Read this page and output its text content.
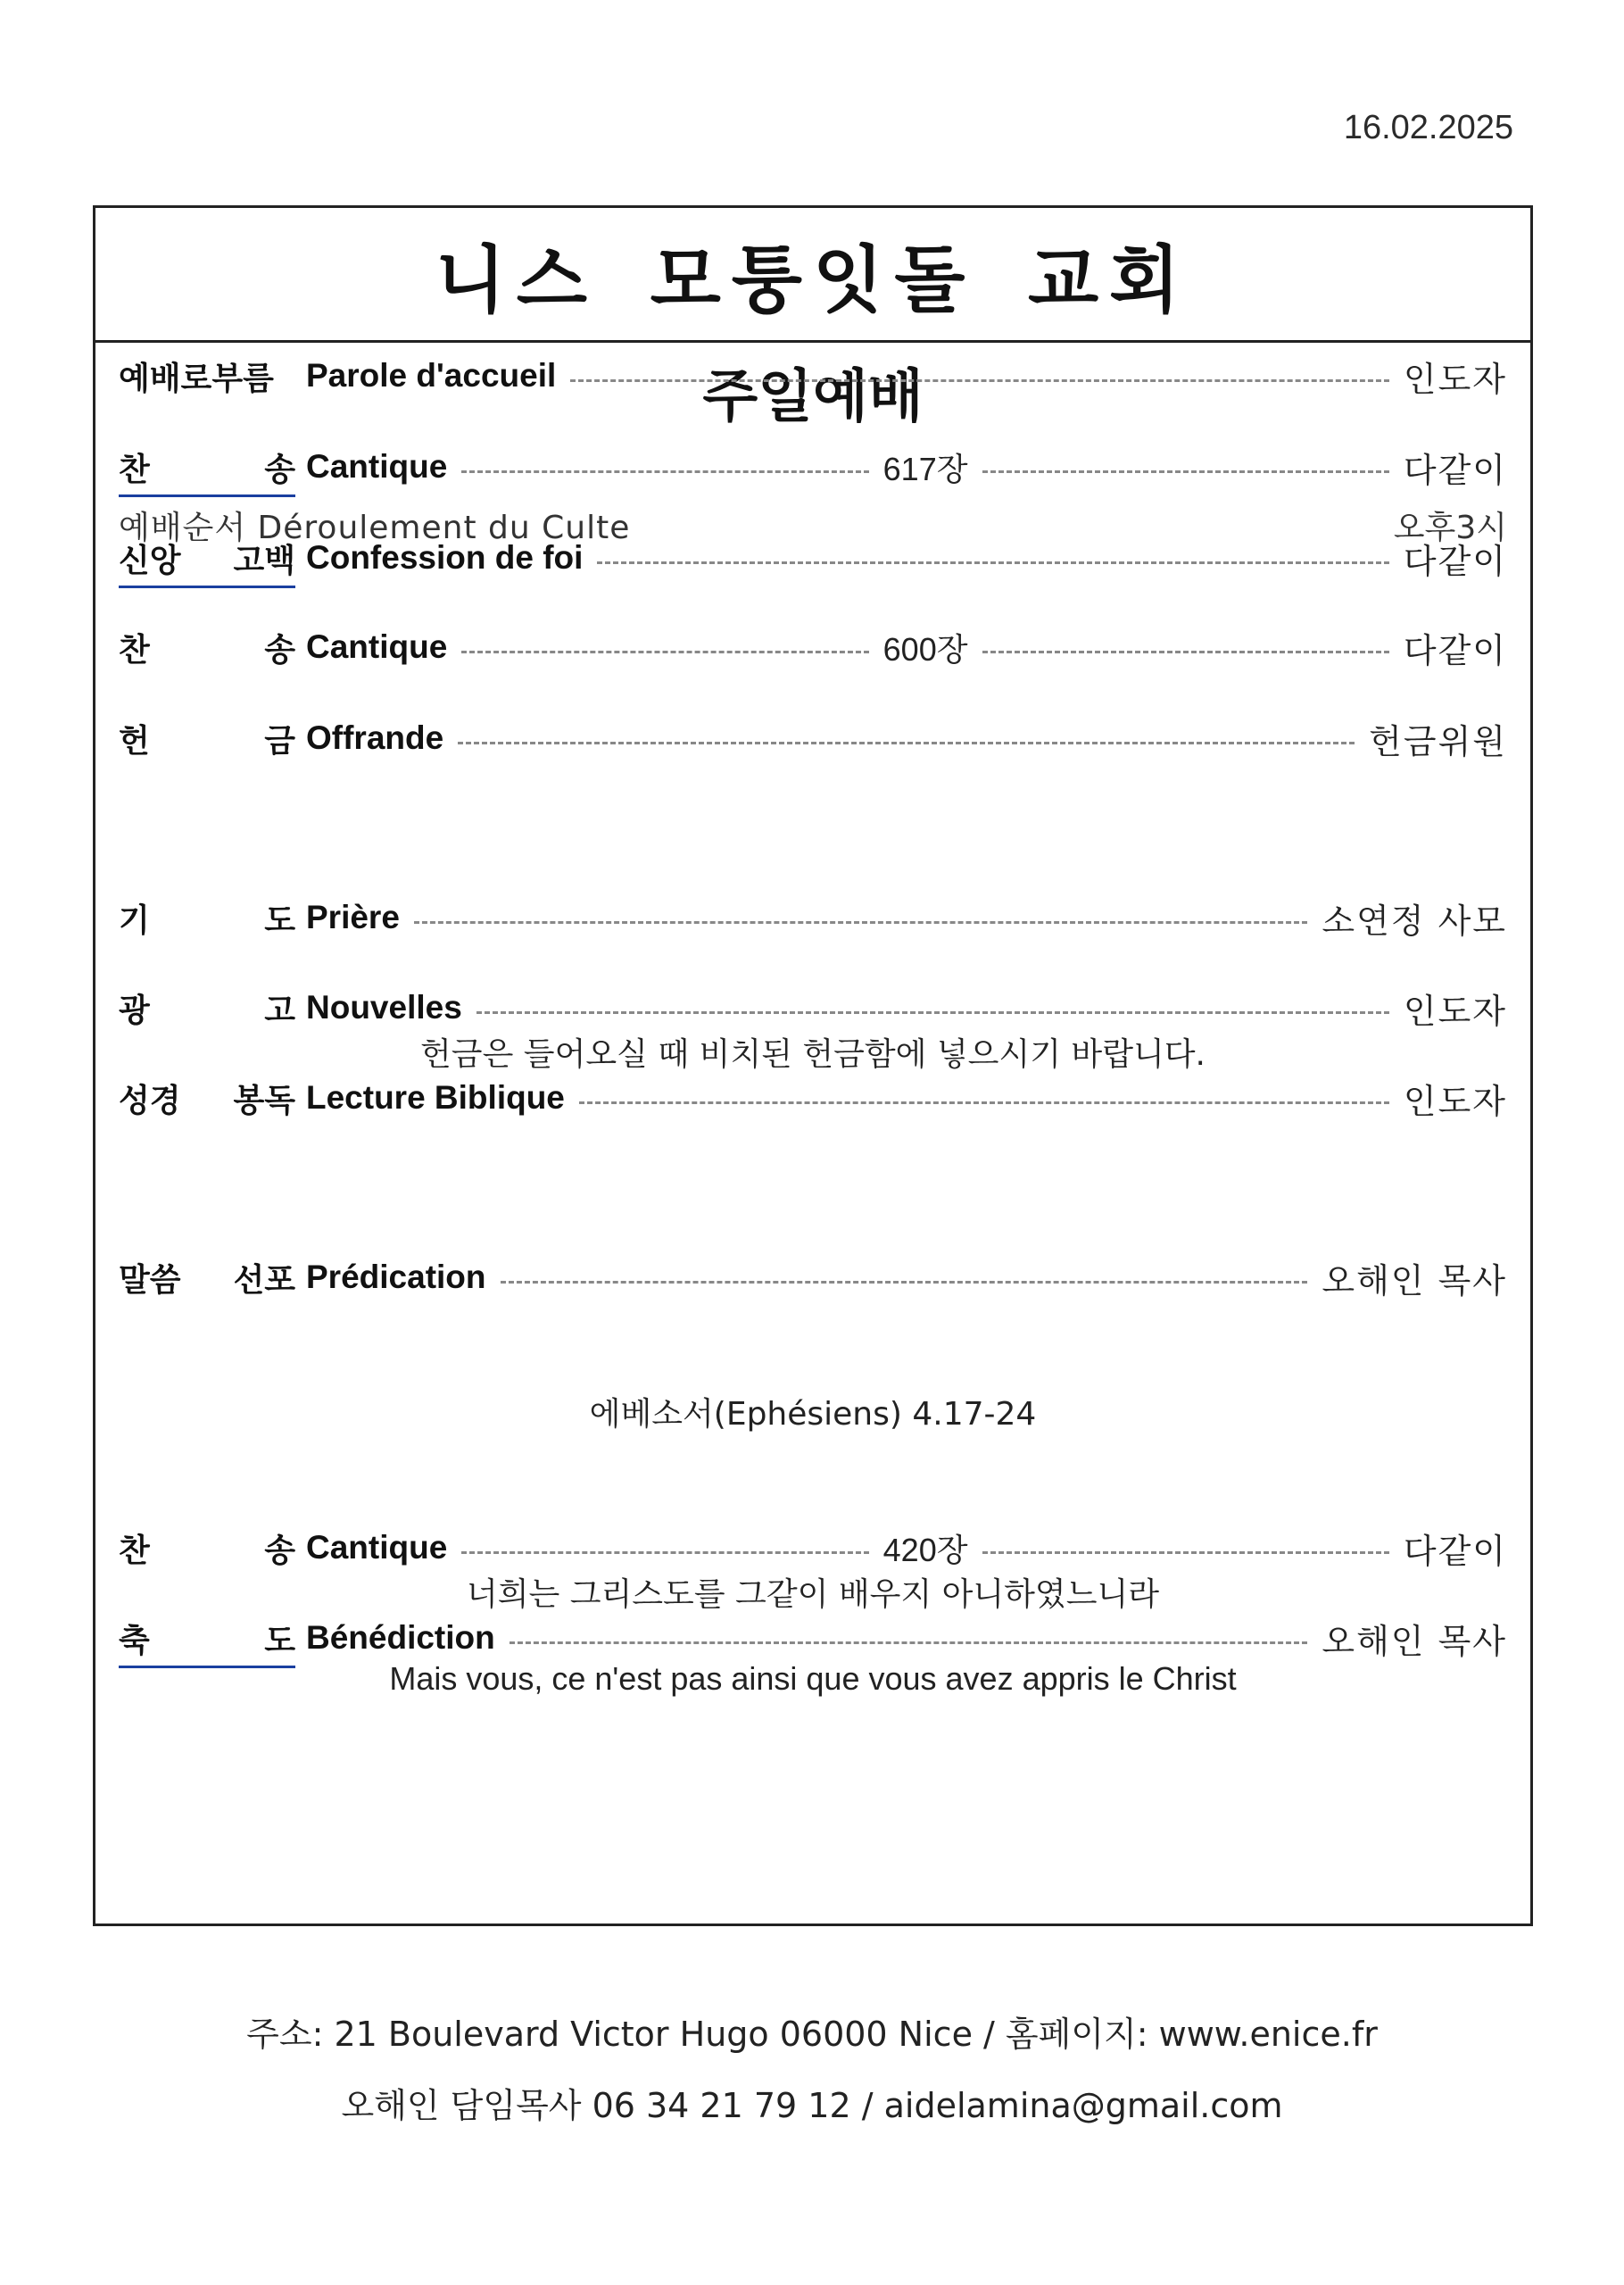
16.02.2025
니스 모퉁잇돌 교회
주일예배
예배순서 Déroulement du Culte	오후3시
예배로부름 Parole d'accueil	인도자
찬	송 Cantique	617장	다같이
신앙 고백 Confession de foi	다같이
찬	송 Cantique	600장	다같이
헌	금 Offrande	헌금위원
기	도 Prière	소연정 사모
광	고 Nouvelles	인도자
성경 봉독 Lecture Biblique	인도자
말씀 선포 Prédication	오해인 목사
찬	송 Cantique	420장	다같이
축	도 Bénédiction	오해인 목사
헌금은 들어오실 때 비치된 헌금함에 넣으시기 바랍니다.
에베소서(Ephésiens) 4.17-24
너희는 그리스도를 그같이 배우지 아니하였느니라
Mais vous, ce n'est pas ainsi que vous avez appris le Christ
주소: 21 Boulevard Victor Hugo 06000 Nice / 홈페이지: www.enice.fr
오해인 담임목사 06 34 21 79 12 / aidelamina@gmail.com
